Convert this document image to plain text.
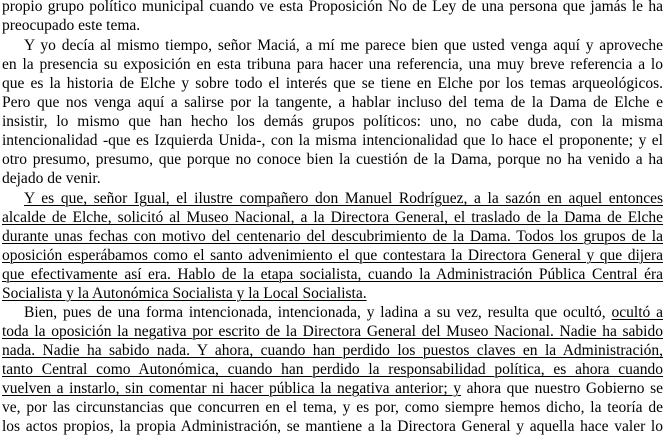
propio grupo político municipal cuando ve esta Proposición No de Ley de una persona que jamás le ha
preocupado este tema.
Y yo decía al mismo tiempo, señor Maciá, a mí me parece bien que usted venga aquí y aproveche
en la presencia su exposición en esta tribuna para hacer una referencia, una muy breve referencia a lo
que es la historia de Elche y sobre todo el interés que se tiene en Elche por los temas arqueológicos.
Pero que nos venga aquí a salirse por la tangente, a hablar incluso del tema de la Dama de Elche e
insistir, lo mismo que han hecho los demás grupos políticos: uno, no cabe duda, con la misma
intencionalidad -que es Izquierda Unida-, con la misma intencionalidad que lo hace el proponente; y el
otro presumo, presumo, que porque no conoce bien la cuestión de la Dama, porque no ha venido a ha
dejado de venir.
Y es que, señor Igual, el ilustre compañero don Manuel Rodríguez, a la sazón en aquel entonces
alcalde de Elche, solicitó al Museo Nacional, a la Directora General, el traslado de la Dama de Elche
durante unas fechas con motivo del centenario del descubrimiento de la Dama. Todos los grupos de la
oposición esperábamos como el santo advenimiento el que contestara la Directora General y que dijera
que efectivamente así era. Hablo de la etapa socialista, cuando la Administración Pública Central éra
Socialista y la Autonómica Socialista y la Local Socialista.
Bien, pues de una forma intencionada, intencionada, y ladina a su vez, resulta que ocultó, ocultó a
toda la oposición la negativa por escrito de la Directora General del Museo Nacional. Nadie ha sabido
nada. Nadie ha sabido nada. Y ahora, cuando han perdido los puestos claves en la Administración,
tanto Central como Autonómica, cuando han perdido la responsabilidad política, es ahora cuando
vuelven a instarlo, sin comentar ni hacer pública la negativa anterior; y ahora que nuestro Gobierno se
ve, por las circunstancias que concurren en el tema, y es por, como siempre hemos dicho, la teoría de
los actos propios, la propia Administración, se mantiene a la Directora General y aquella hace valer lo
